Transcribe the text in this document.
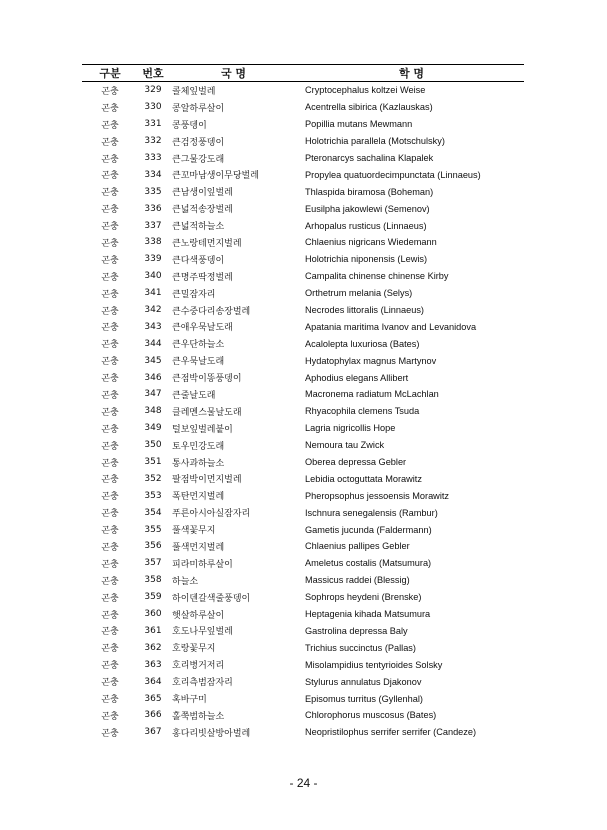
구분	번호	국 명	학 명
곤충	329	콜체잎벌레	Cryptocephalus koltzei Weise
곤충	330	콩알하루살이	Acentrella sibirica (Kazlauskas)
곤충	331	콩풍뎅이	Popillia mutans Mewmann
곤충	332	큰검정풍뎅이	Holotrichia parallela (Motschulsky)
곤충	333	큰그물강도래	Pteronarcys sachalina Klapalek
곤충	334	큰꼬마남생이무당벌레	Propylea quatuordecimpunctata (Linnaeus)
곤충	335	큰남생이잎벌레	Thlaspida biramosa (Boheman)
곤충	336	큰넓적송장벌레	Eusilpha jakowlewi (Semenov)
곤충	337	큰넓적하늘소	Arhopalus rusticus (Linnaeus)
곤충	338	큰노랑테먼지벌레	Chlaenius nigricans Wiedemann
곤충	339	큰다색풍뎅이	Holotrichia niponensis (Lewis)
곤충	340	큰명주딱정벌레	Campalita chinense chinense Kirby
곤충	341	큰밀잠자리	Orthetrum melania (Selys)
곤충	342	큰수중다리송장벌레	Necrodes littoralis (Linnaeus)
곤충	343	큰애우묵날도래	Apatania maritima Ivanov and Levanidova
곤충	344	큰우단하늘소	Acalolepta luxuriosa (Bates)
곤충	345	큰우묵날도래	Hydatophylax magnus Martynov
곤충	346	큰점박이똥풍뎅이	Aphodius elegans Allibert
곤충	347	큰줄날도래	Macronema radiatum McLachlan
곤충	348	클레멘스물날도래	Rhyacophila clemens Tsuda
곤충	349	털보잎벌레붙이	Lagria nigricollis Hope
곤충	350	토우민강도래	Nemoura tau Zwick
곤충	351	통사과하늘소	Oberea depressa Gebler
곤충	352	팔점박이먼지벌레	Lebidia octoguttata Morawitz
곤충	353	폭탄먼지벌레	Pheropsophus jessoensis Morawitz
곤충	354	푸른아시아실잠자리	Ischnura senegalensis (Rambur)
곤충	355	풀색꽃무지	Gametis jucunda (Faldermann)
곤충	356	풀색먼지벌레	Chlaenius pallipes Gebler
곤충	357	피라미하루살이	Ameletus costalis (Matsumura)
곤충	358	하늘소	Massicus raddei (Blessig)
곤충	359	하이덴갈색줄풍뎅이	Sophrops heydeni (Brenske)
곤충	360	햇살하루살이	Heptagenia kihada Matsumura
곤충	361	호도나무잎벌레	Gastrolina depressa Baly
곤충	362	호랑꽃무지	Trichius succinctus (Pallas)
곤충	363	호리병거저리	Misolampidius tentyrioides Solsky
곤충	364	호리측범잠자리	Stylurus annulatus Djakonov
곤충	365	혹바구미	Episomus turritus (Gyllenhal)
곤충	366	홀쭉범하늘소	Chlorophorus muscosus (Bates)
곤충	367	홍다리빗살방아벌레	Neopristilophus serrifer serrifer (Candeze)
- 24 -
